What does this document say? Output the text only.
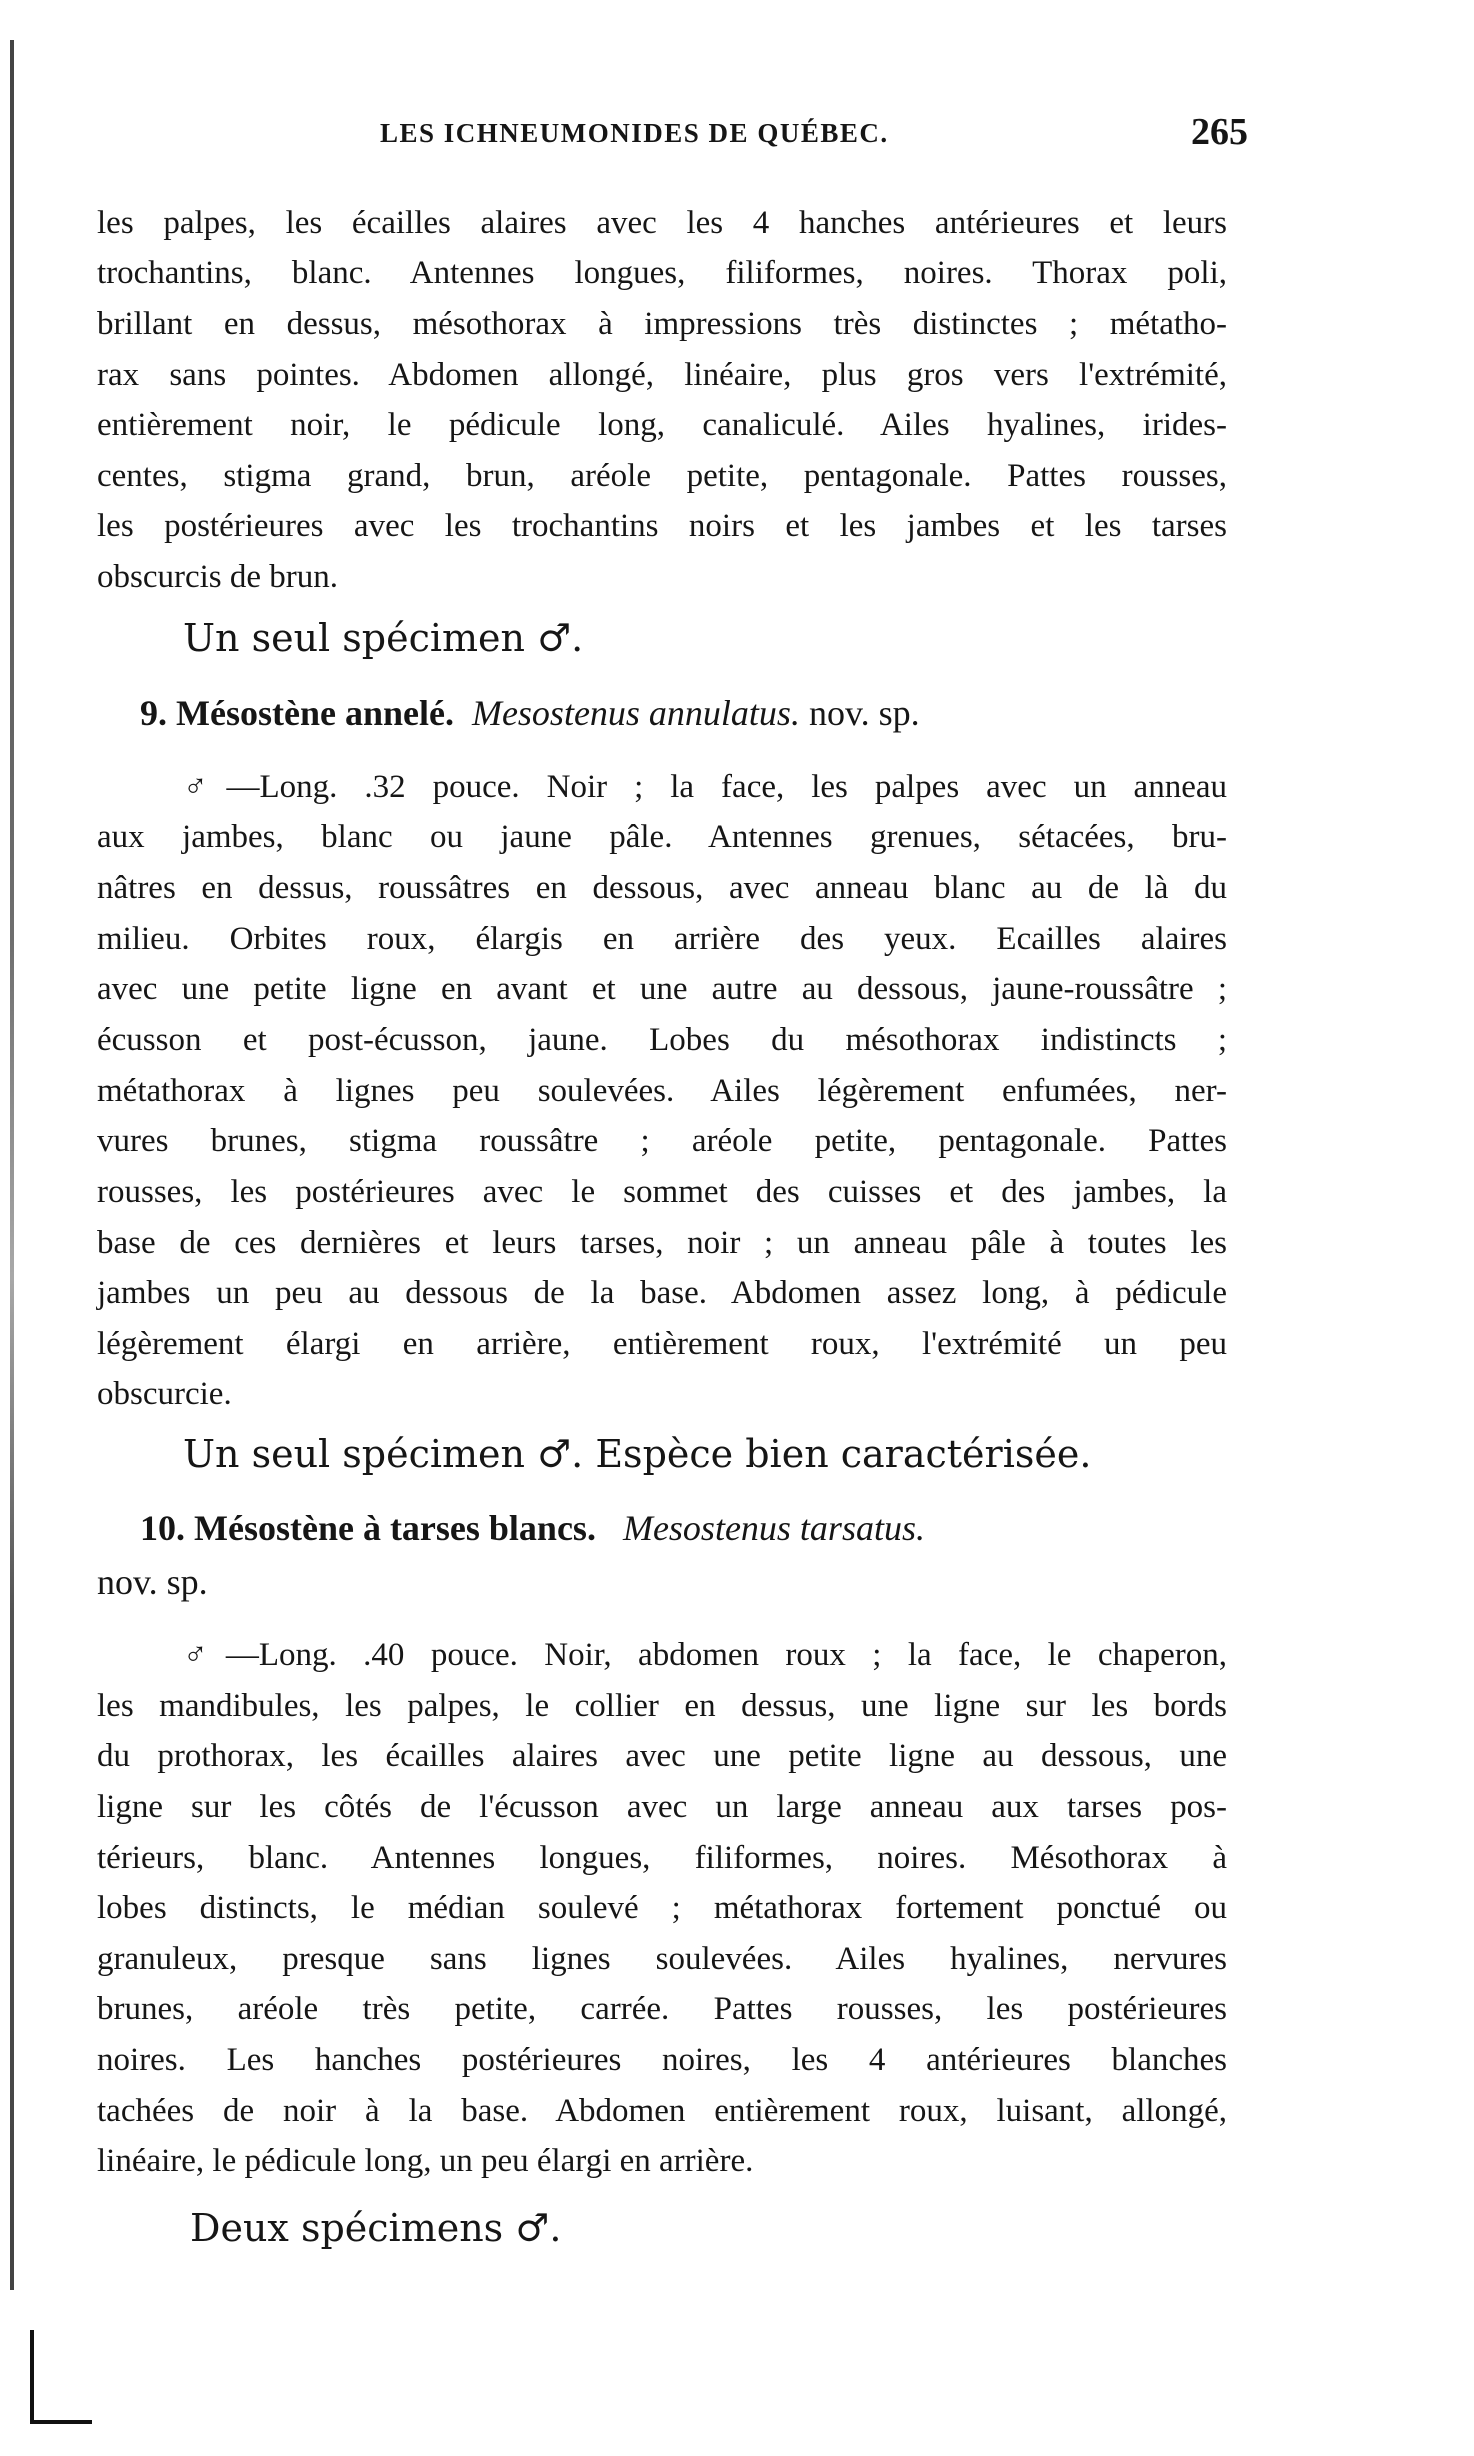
LES ICHNEUMONIDES DE QUÉBEC.	265
les palpes, les écailles alaires avec les 4 hanches antérieures et leurs
trochantins, blanc. Antennes longues, filiformes, noires. Thorax poli,
brillant en dessus, mésothorax à impressions très distinctes ; métatho-
rax sans pointes. Abdomen allongé, linéaire, plus gros vers l'extrémité,
entièrement noir, le pédicule long, canaliculé. Ailes hyalines, irides-
centes, stigma grand, brun, aréole petite, pentagonale. Pattes rousses,
les postérieures avec les trochantins noirs et les jambes et les tarses
obscurcis de brun.
Un seul spécimen ♂.
9. Mésostène annelé. Mesostenus annulatus. nov. sp.
♂—Long. .32 pouce. Noir ; la face, les palpes avec un anneau
aux jambes, blanc ou jaune pâle. Antennes grenues, sétacées, bru-
nâtres en dessus, roussâtres en dessous, avec anneau blanc au de là du
milieu. Orbites roux, élargis en arrière des yeux. Ecailles alaires
avec une petite ligne en avant et une autre au dessous, jaune-roussâtre ;
écusson et post-écusson, jaune. Lobes du mésothorax indistincts ;
métathorax à lignes peu soulevées. Ailes légèrement enfumées, ner-
vures brunes, stigma roussâtre ; aréole petite, pentagonale. Pattes
rousses, les postérieures avec le sommet des cuisses et des jambes, la
base de ces dernières et leurs tarses, noir ; un anneau pâle à toutes les
jambes un peu au dessous de la base. Abdomen assez long, à pédicule
légèrement élargi en arrière, entièrement roux, l'extrémité un peu
obscurcie.
Un seul spécimen ♂. Espèce bien caractérisée.
10. Mésostène à tarses blancs. Mesostenus tarsatus.
nov. sp.
♂—Long. .40 pouce. Noir, abdomen roux ; la face, le chaperon,
les mandibules, les palpes, le collier en dessus, une ligne sur les bords
du prothorax, les écailles alaires avec une petite ligne au dessous, une
ligne sur les côtés de l'écusson avec un large anneau aux tarses pos-
térieurs, blanc. Antennes longues, filiformes, noires. Mésothorax à
lobes distincts, le médian soulevé ; métathorax fortement ponctué ou
granuleux, presque sans lignes soulevées. Ailes hyalines, nervures
brunes, aréole très petite, carrée. Pattes rousses, les postérieures
noires. Les hanches postérieures noires, les 4 antérieures blanches
tachées de noir à la base. Abdomen entièrement roux, luisant, allongé,
linéaire, le pédicule long, un peu élargi en arrière.
Deux spécimens ♂.
